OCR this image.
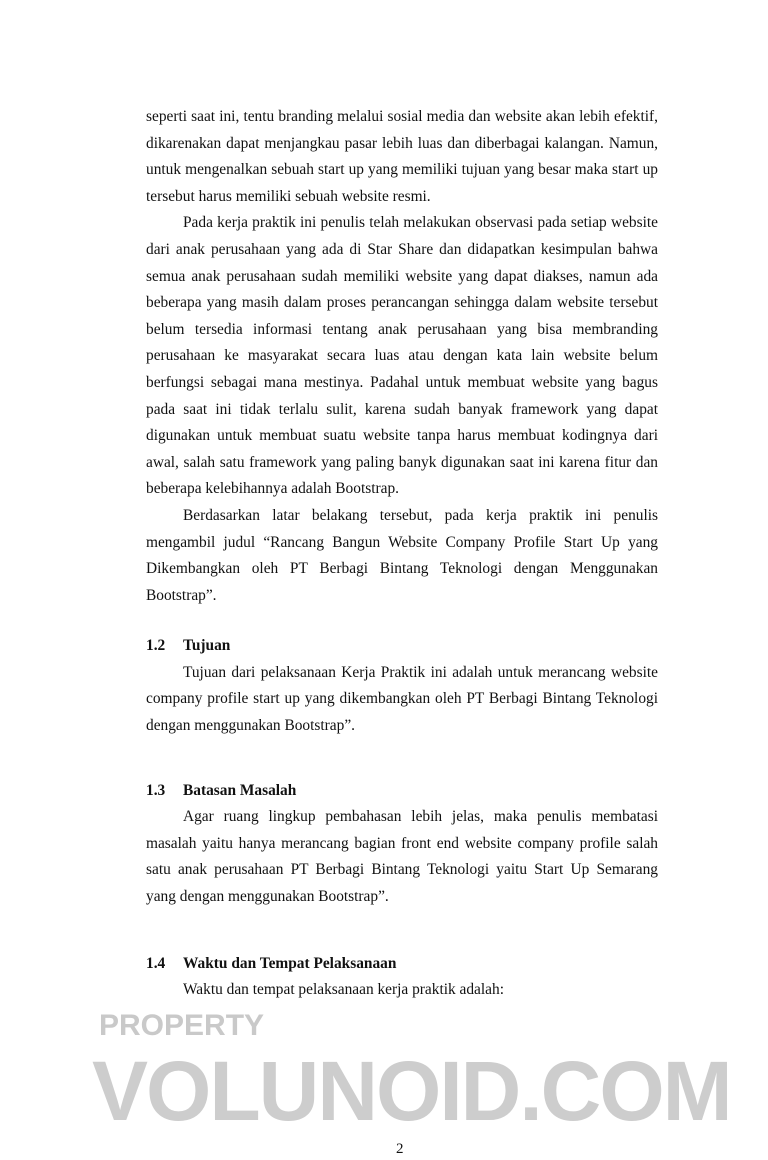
seperti saat ini, tentu branding melalui sosial media dan website akan lebih efektif, dikarenakan dapat menjangkau pasar lebih luas dan diberbagai kalangan. Namun, untuk mengenalkan sebuah start up yang memiliki tujuan yang besar maka start up tersebut harus memiliki sebuah website resmi.

Pada kerja praktik ini penulis telah melakukan observasi pada setiap website dari anak perusahaan yang ada di Star Share dan didapatkan kesimpulan bahwa semua anak perusahaan sudah memiliki website yang dapat diakses, namun ada beberapa yang masih dalam proses perancangan sehingga dalam website tersebut belum tersedia informasi tentang anak perusahaan yang bisa membranding perusahaan ke masyarakat secara luas atau dengan kata lain website belum berfungsi sebagai mana mestinya. Padahal untuk membuat website yang bagus pada saat ini tidak terlalu sulit, karena sudah banyak framework yang dapat digunakan untuk membuat suatu website tanpa harus membuat kodingnya dari awal, salah satu framework yang paling banyk digunakan saat ini karena fitur dan beberapa kelebihannya adalah Bootstrap.

Berdasarkan latar belakang tersebut, pada kerja praktik ini penulis mengambil judul “Rancang Bangun Website Company Profile Start Up yang Dikembangkan oleh PT Berbagi Bintang Teknologi dengan Menggunakan Bootstrap”.

1.2	Tujuan

Tujuan dari pelaksanaan Kerja Praktik ini adalah untuk merancang website company profile start up yang dikembangkan oleh PT Berbagi Bintang Teknologi dengan menggunakan Bootstrap”.

1.3	Batasan Masalah

Agar ruang lingkup pembahasan lebih jelas, maka penulis membatasi masalah yaitu hanya merancang bagian front end website company profile salah satu anak perusahaan PT Berbagi Bintang Teknologi yaitu Start Up Semarang yang dengan menggunakan Bootstrap”.

1.4	Waktu dan Tempat Pelaksanaan

Waktu dan tempat pelaksanaan kerja praktik adalah:

PROPERTY
VOLUNOID.COM
2
